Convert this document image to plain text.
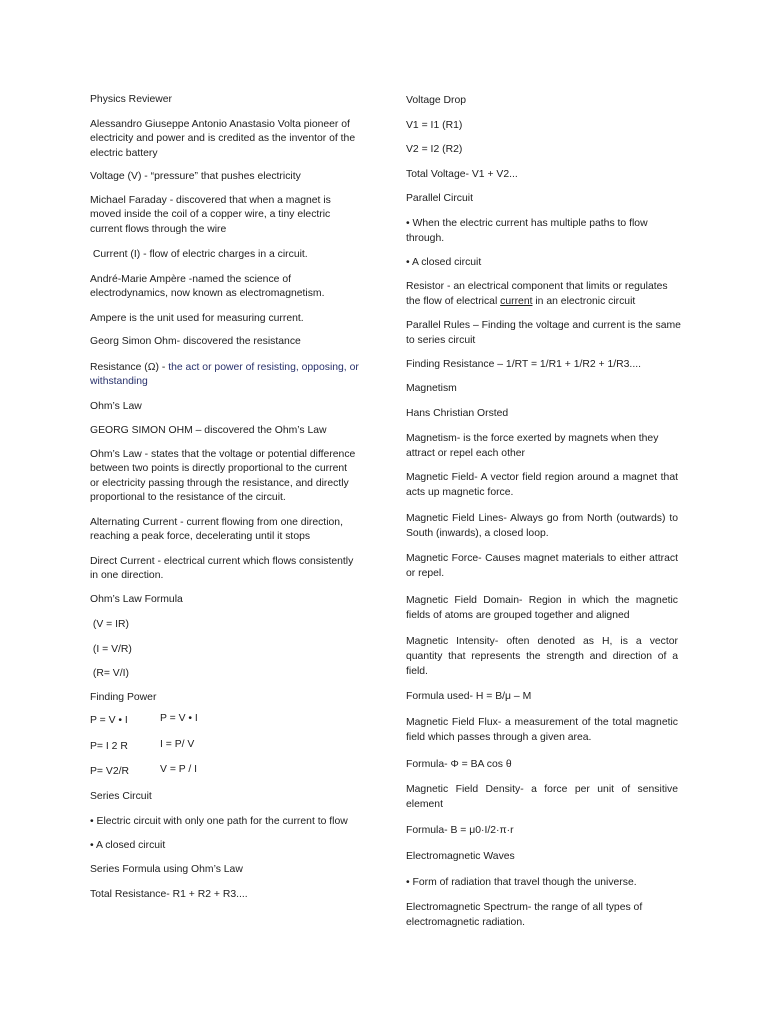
Physics Reviewer
Alessandro Giuseppe Antonio Anastasio Volta pioneer of
electricity and power and is credited as the inventor of the
electric battery
Voltage (V) - “pressure” that pushes electricity
Michael Faraday - discovered that when a magnet is
moved inside the coil of a copper wire, a tiny electric
current flows through the wire
Current (I) - flow of electric charges in a circuit.
André-Marie Ampère -named the science of
electrodynamics, now known as electromagnetism.
Ampere is the unit used for measuring current.
Georg Simon Ohm- discovered the resistance
Resistance (Ω) - the act or power of resisting, opposing, or
withstanding
Ohm’s Law
GEORG SIMON OHM – discovered the Ohm’s Law
Ohm’s Law - states that the voltage or potential difference
between two points is directly proportional to the current
or electricity passing through the resistance, and directly
proportional to the resistance of the circuit.
Alternating Current - current flowing from one direction,
reaching a peak force, decelerating until it stops
Direct Current - electrical current which flows consistently
in one direction.
Ohm’s Law Formula
(V = IR)
(I = V/R)
(R= V/I)
Finding Power
P = V • I	P = V • I
P= I 2 R	I = P/ V
P= V2/R	V = P / I
Series Circuit
• Electric circuit with only one path for the current to flow
• A closed circuit
Series Formula using Ohm’s Law
Total Resistance- R1 + R2 + R3....
Voltage Drop
V1 = I1 (R1)
V2 = I2 (R2)
Total Voltage- V1 + V2...
Parallel Circuit
• When the electric current has multiple paths to flow
through.
• A closed circuit
Resistor - an electrical component that limits or regulates
the flow of electrical current in an electronic circuit
Parallel Rules – Finding the voltage and current is the same
to series circuit
Finding Resistance – 1/RT = 1/R1 + 1/R2 + 1/R3....
Magnetism
Hans Christian Orsted
Magnetism- is the force exerted by magnets when they
attract or repel each other
Magnetic Field- A vector field region around a magnet that
acts up magnetic force.
Magnetic Field Lines- Always go from North (outwards) to
South (inwards), a closed loop.
Magnetic Force- Causes magnet materials to either attract
or repel.
Magnetic Field Domain- Region in which the magnetic
fields of atoms are grouped together and aligned
Magnetic Intensity- often denoted as H, is a vector
quantity that represents the strength and direction of a
field.
Formula used- H = B/μ – M
Magnetic Field Flux- a measurement of the total magnetic
field which passes through a given area.
Formula- Φ = BA cos θ
Magnetic Field Density- a force per unit of sensitive
element
Formula- B = μ0·I/2·π·r
Electromagnetic Waves
• Form of radiation that travel though the universe.
Electromagnetic Spectrum- the range of all types of
electromagnetic radiation.
